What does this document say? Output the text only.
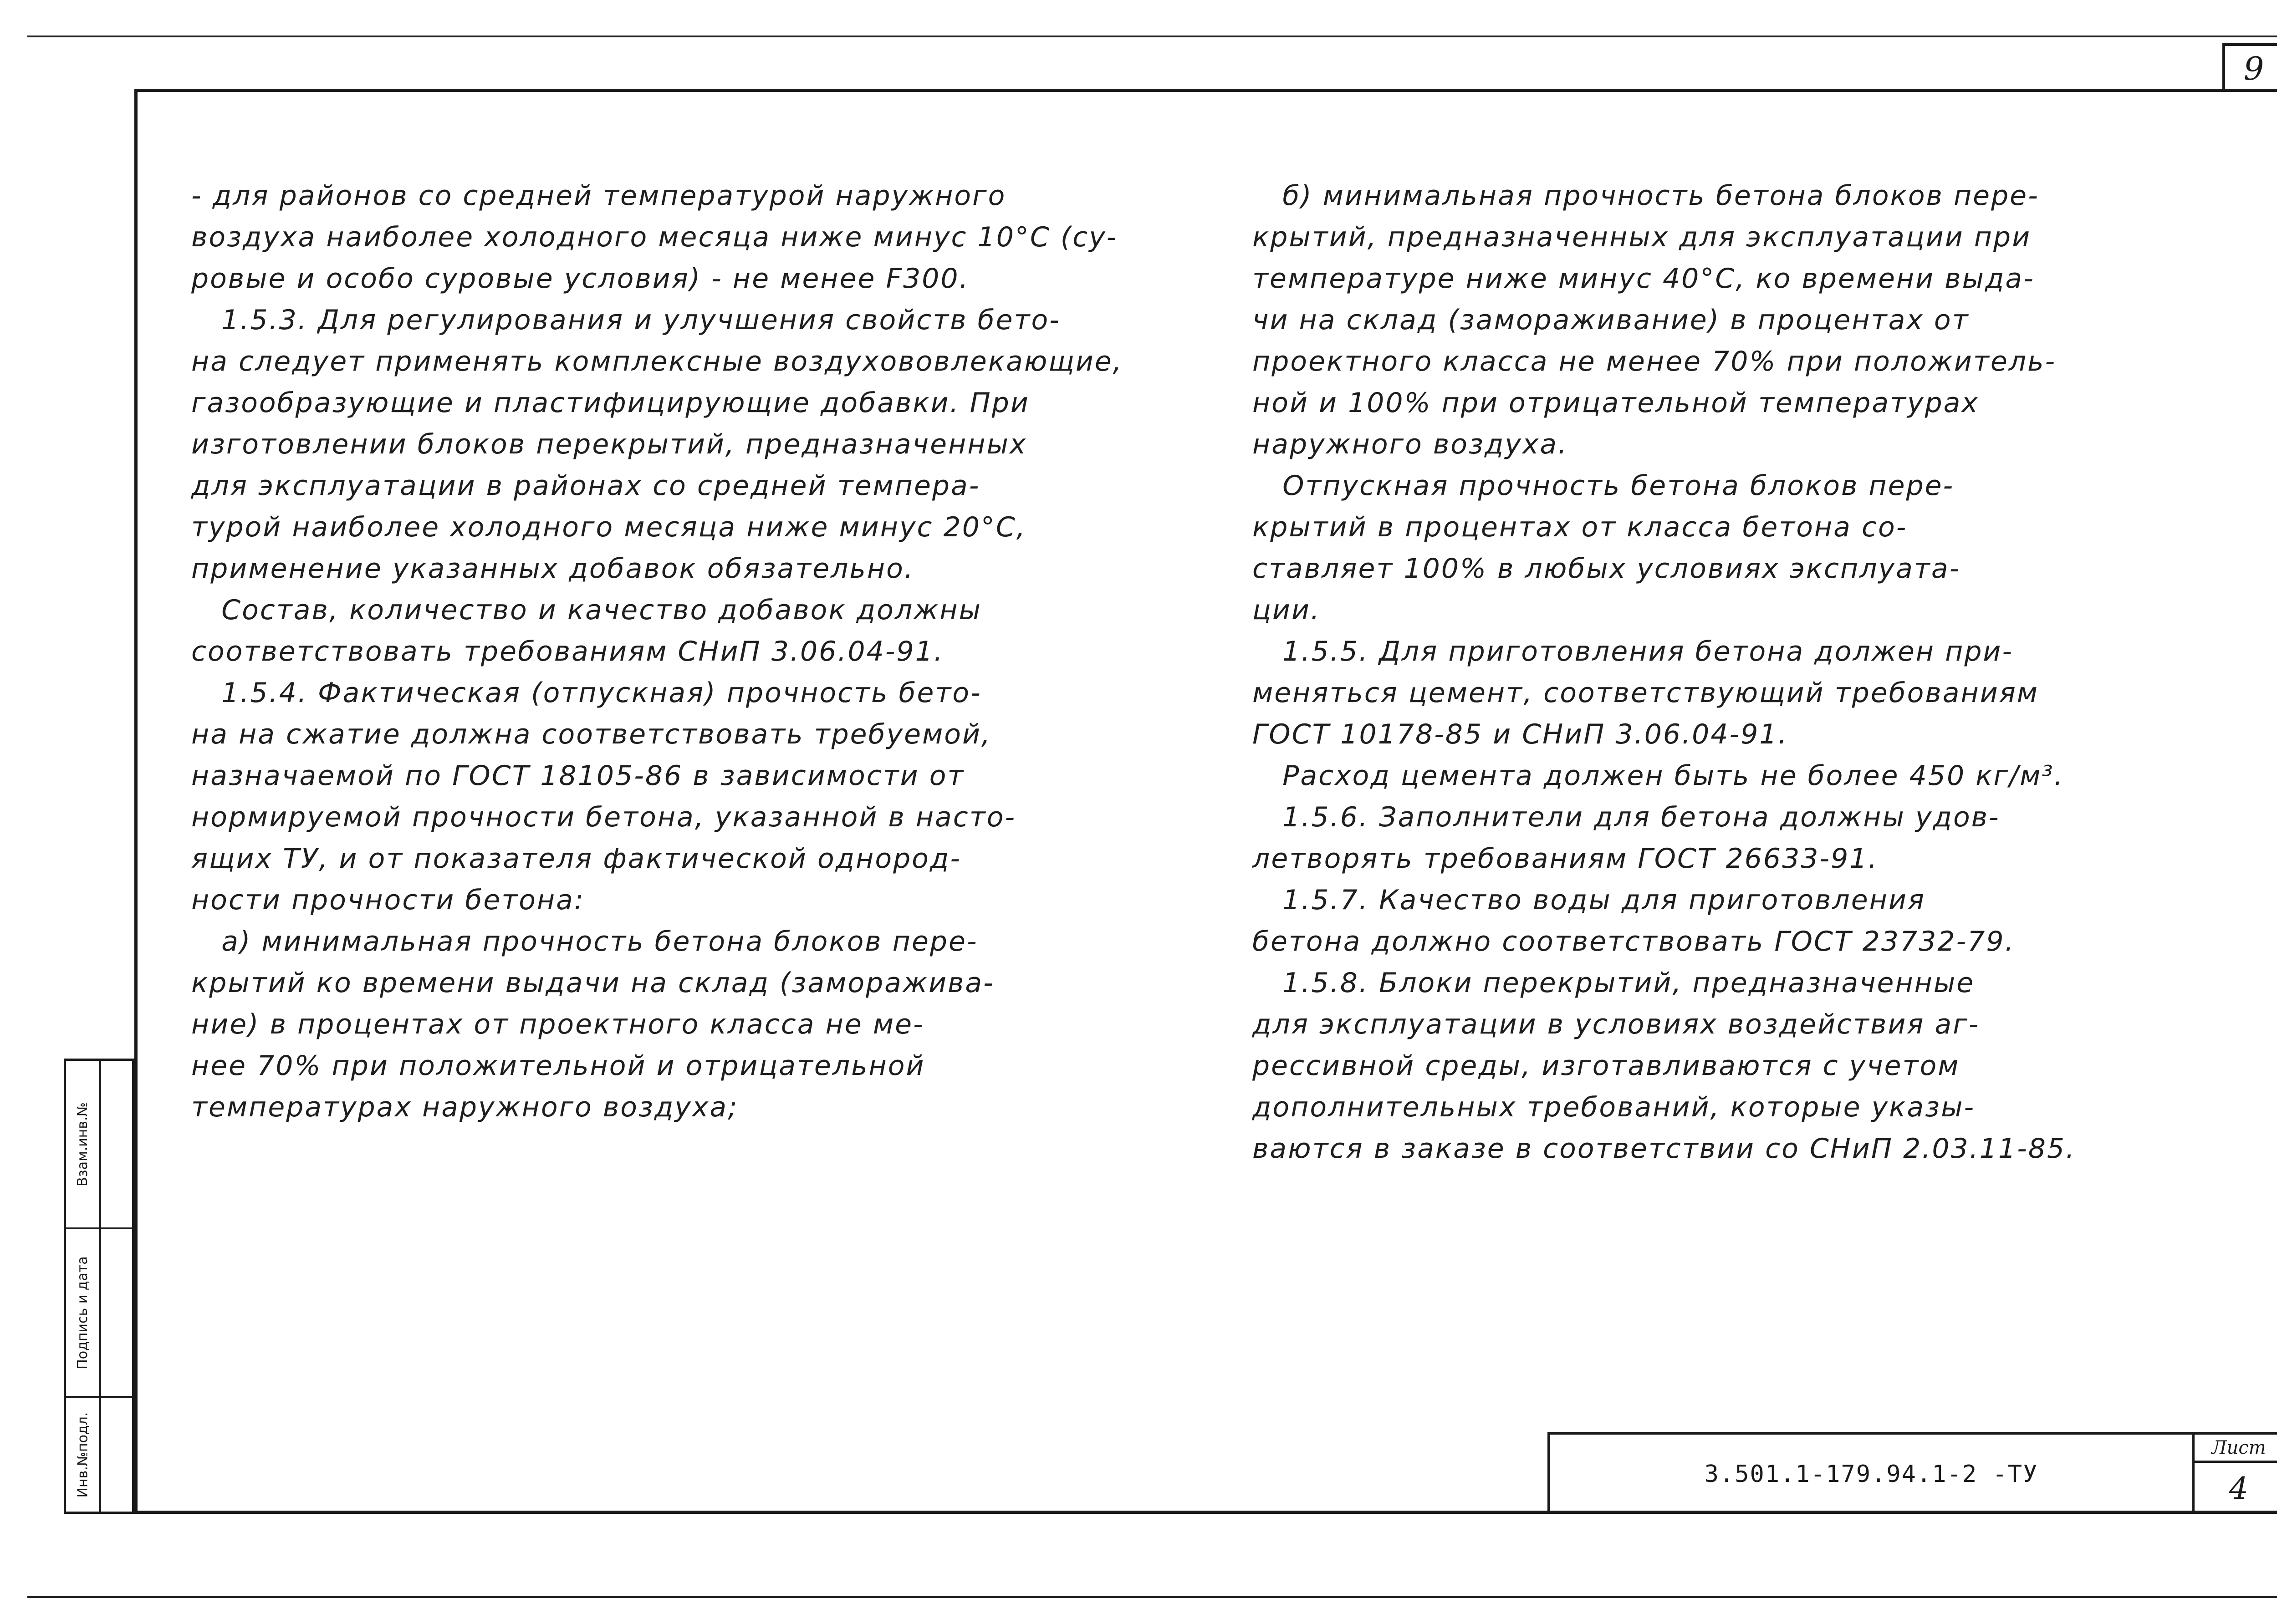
9
Взам.инв.№
Подпись и дата
Инв.№подл.
- для районов со средней температурой наружного
воздуха наиболее холодного месяца ниже минус 10°С (су-
ровые и особо суровые условия) - не менее F300.
1.5.3. Для регулирования и улучшения свойств бето-
на следует применять комплексные воздухововлекающие,
газообразующие и пластифицирующие добавки. При
изготовлении блоков перекрытий, предназначенных
для эксплуатации в районах со средней темпера-
турой наиболее холодного месяца ниже минус 20°С,
применение указанных добавок обязательно.
Состав, количество и качество добавок должны
соответствовать требованиям СНиП 3.06.04-91.
1.5.4. Фактическая (отпускная) прочность бето-
на на сжатие должна соответствовать требуемой,
назначаемой по ГОСТ 18105-86 в зависимости от
нормируемой прочности бетона, указанной в насто-
ящих ТУ, и от показателя фактической однород-
ности прочности бетона:
а) минимальная прочность бетона блоков пере-
крытий ко времени выдачи на склад (заморажива-
ние) в процентах от проектного класса не ме-
нее 70% при положительной и отрицательной
температурах наружного воздуха;
б) минимальная прочность бетона блоков пере-
крытий, предназначенных для эксплуатации при
температуре ниже минус 40°С, ко времени выда-
чи на склад (замораживание) в процентах от
проектного класса не менее 70% при положитель-
ной и 100% при отрицательной температурах
наружного воздуха.
Отпускная прочность бетона блоков пере-
крытий в процентах от класса бетона со-
ставляет 100% в любых условиях эксплуата-
ции.
1.5.5. Для приготовления бетона должен при-
меняться цемент, соответствующий требованиям
ГОСТ 10178-85 и СНиП 3.06.04-91.
Расход цемента должен быть не более 450 кг/м³.
1.5.6. Заполнители для бетона должны удов-
летворять требованиям ГОСТ 26633-91.
1.5.7. Качество воды для приготовления
бетона должно соответствовать ГОСТ 23732-79.
1.5.8. Блоки перекрытий, предназначенные
для эксплуатации в условиях воздействия аг-
рессивной среды, изготавливаются с учетом
дополнительных требований, которые указы-
ваются в заказе в соответствии со СНиП 2.03.11-85.
3.501.1-179.94.1-2 -ТУ
Лист
4
